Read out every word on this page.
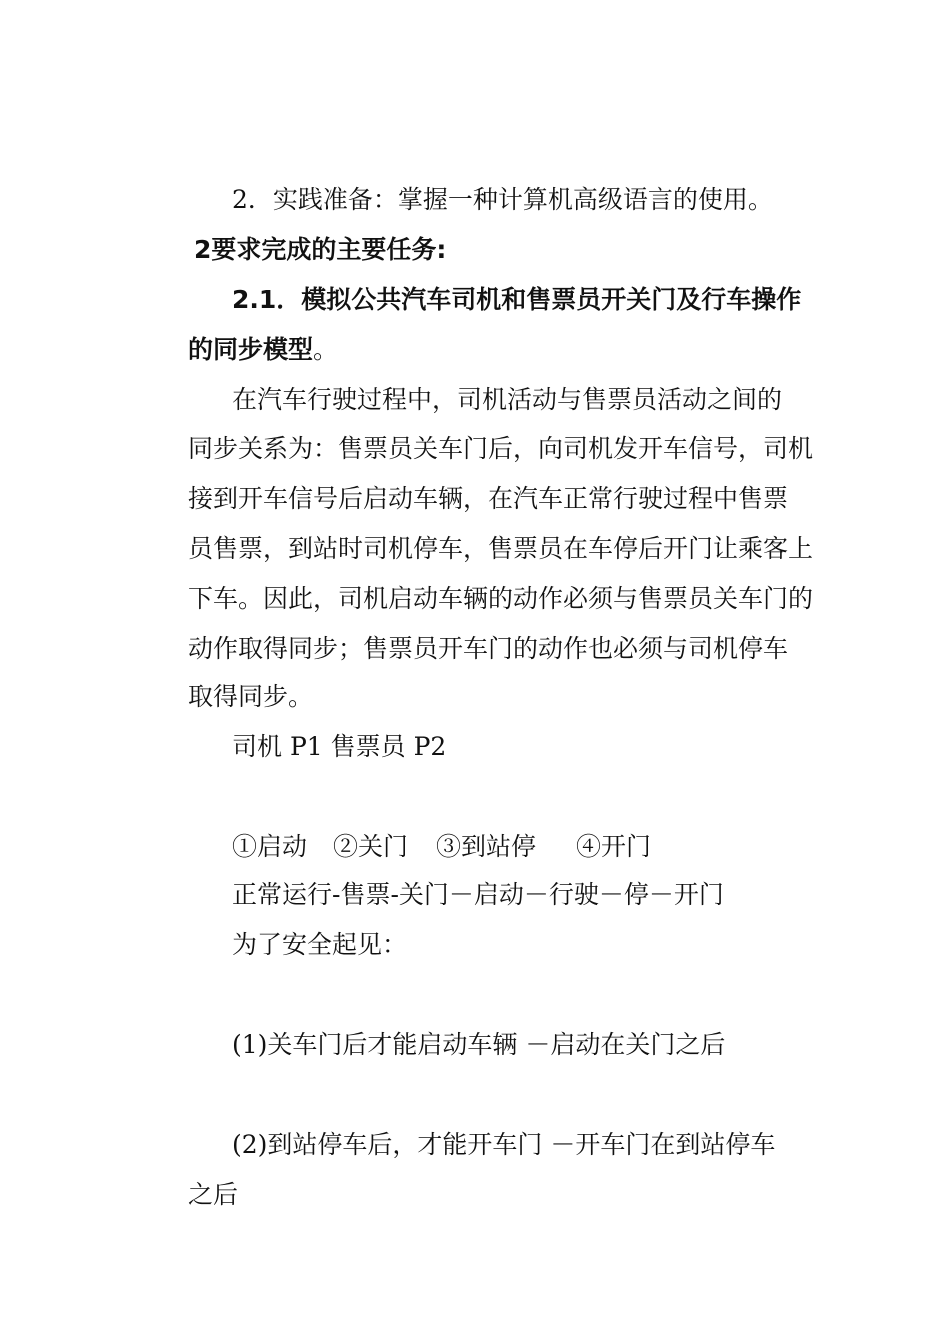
2．实践准备：掌握一种计算机高级语言的使用。
2要求完成的主要任务:
2.1．模拟公共汽车司机和售票员开关门及行车操作
的同步模型。
在汽车行驶过程中，司机活动与售票员活动之间的
同步关系为：售票员关车门后，向司机发开车信号，司机
接到开车信号后启动车辆，在汽车正常行驶过程中售票
员售票，到站时司机停车，售票员在车停后开门让乘客上
下车。因此，司机启动车辆的动作必须与售票员关车门的
动作取得同步；售票员开车门的动作也必须与司机停车
取得同步。
司机 P1 售票员 P2
①启动 ②关门 ③到站停 ④开门
正常运行-售票-关门－启动－行驶－停－开门
为了安全起见：
(1)关车门后才能启动车辆 －启动在关门之后
(2)到站停车后，才能开车门 －开车门在到站停车
之后
